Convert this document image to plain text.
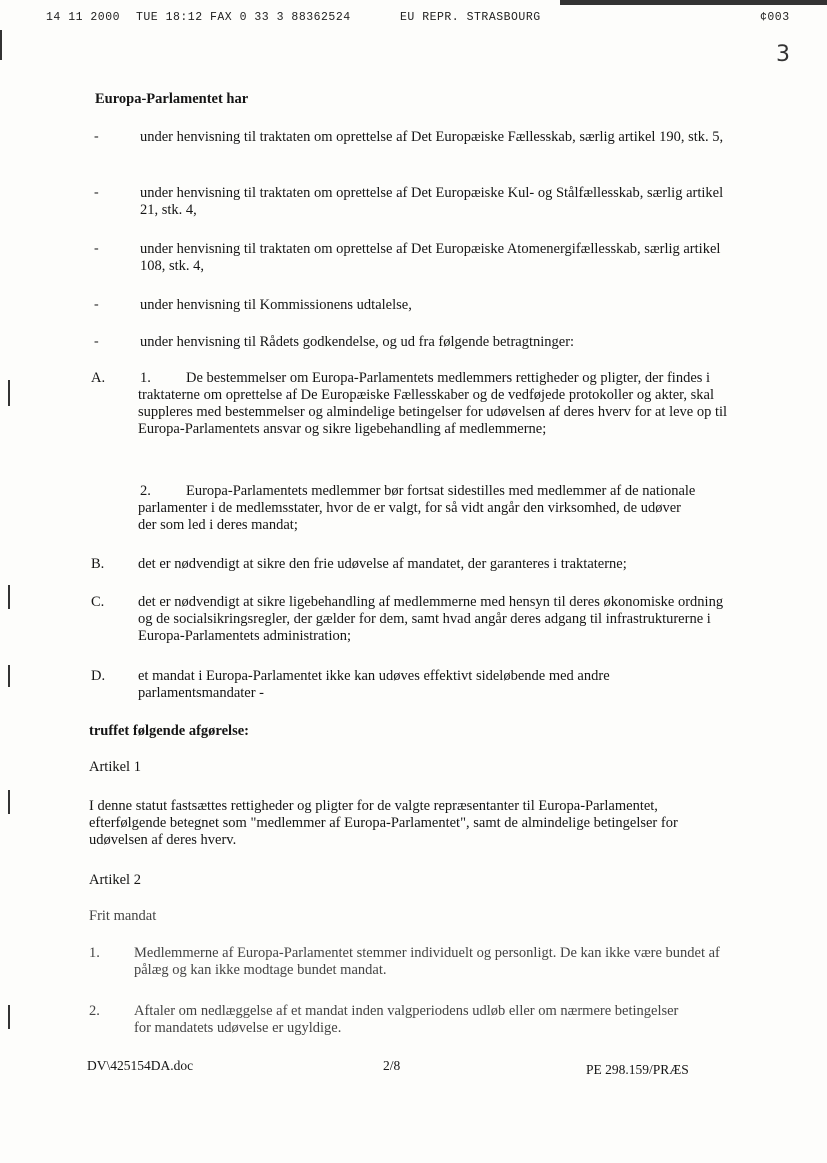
14 11 2000 TUE 18:12 FAX 0 33 3 88362524	EU REPR. STRASBOURG	¢003
3
Europa-Parlamentet har
-	under henvisning til traktaten om oprettelse af Det Europæiske Fællesskab, særlig artikel 190, stk. 5,
-	under henvisning til traktaten om oprettelse af Det Europæiske Kul- og Stålfællesskab, særlig artikel 21, stk. 4,
-	under henvisning til traktaten om oprettelse af Det Europæiske Atomenergifællesskab, særlig artikel 108, stk. 4,
-	under henvisning til Kommissionens udtalelse,
-	under henvisning til Rådets godkendelse, og ud fra følgende betragtninger:
A. 1.	De bestemmelser om Europa-Parlamentets medlemmers rettigheder og pligter, der findes i traktaterne om oprettelse af De Europæiske Fællesskaber og de vedføjede protokoller og akter, skal suppleres med bestemmelser og almindelige betingelser for udøvelsen af deres hverv for at leve op til Europa-Parlamentets ansvar og sikre ligebehandling af medlemmerne;
2.	Europa-Parlamentets medlemmer bør fortsat sidestilles med medlemmer af de nationale parlamenter i de medlemsstater, hvor de er valgt, for så vidt angår den virksomhed, de udøver der som led i deres mandat;
B. det er nødvendigt at sikre den frie udøvelse af mandatet, der garanteres i traktaterne;
C. det er nødvendigt at sikre ligebehandling af medlemmerne med hensyn til deres økonomiske ordning og de socialsikringsregler, der gælder for dem, samt hvad angår deres adgang til infrastrukturerne i Europa-Parlamentets administration;
D. et mandat i Europa-Parlamentet ikke kan udøves effektivt sideløbende med andre parlamentsmandater -
truffet følgende afgørelse:
Artikel 1
I denne statut fastsættes rettigheder og pligter for de valgte repræsentanter til Europa-Parlamentet, efterfølgende betegnet som "medlemmer af Europa-Parlamentet", samt de almindelige betingelser for udøvelsen af deres hverv.
Artikel 2
Frit mandat
1. Medlemmerne af Europa-Parlamentet stemmer individuelt og personligt. De kan ikke være bundet af pålæg og kan ikke modtage bundet mandat.
2. Aftaler om nedlæggelse af et mandat inden valgperiodens udløb eller om nærmere betingelser for mandatets udøvelse er ugyldige.
DV\425154DA.doc	2/8	PE 298.159/PRÆS
